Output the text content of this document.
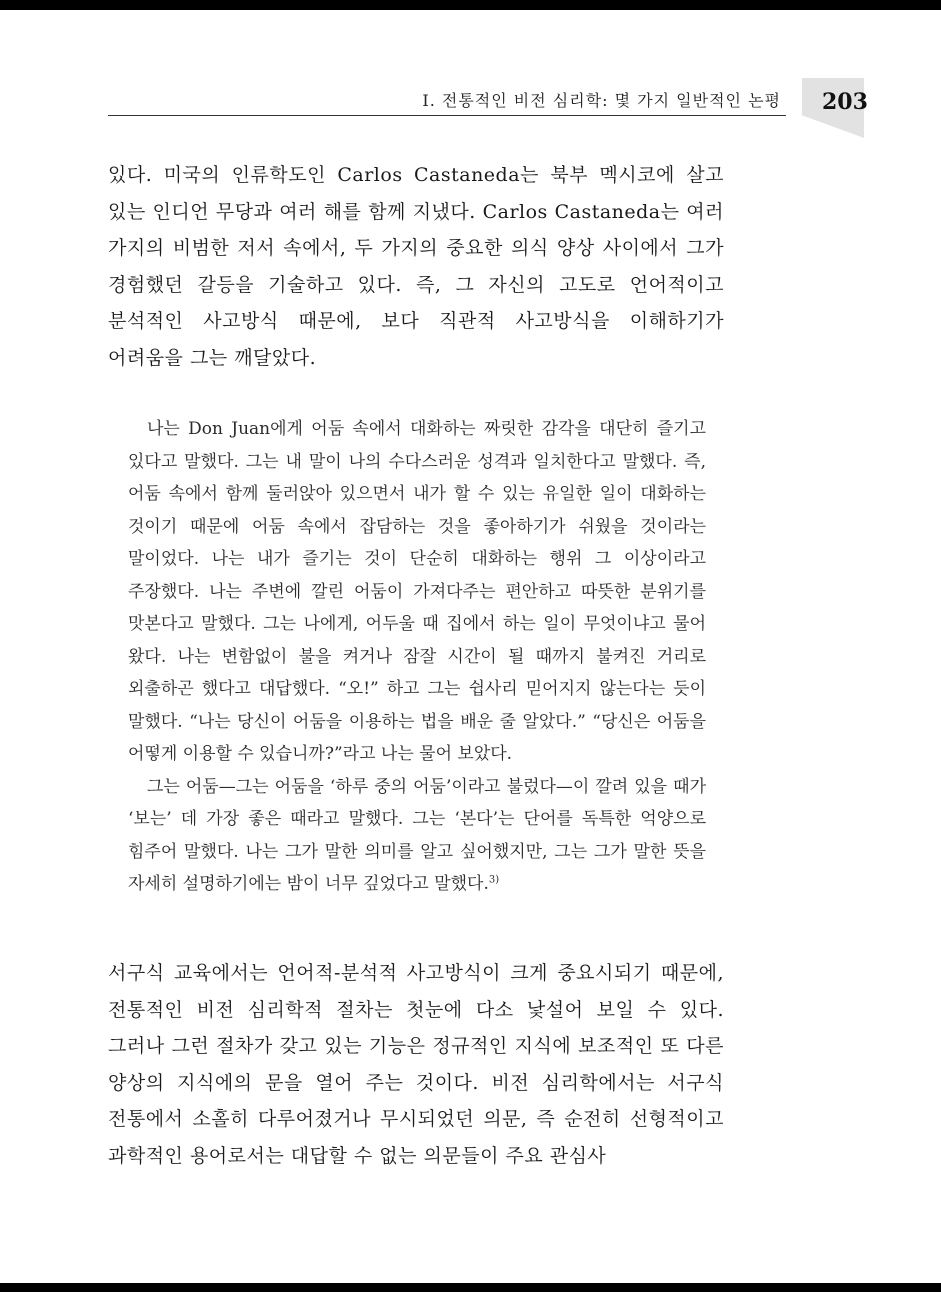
I. 전통적인 비전 심리학: 몇 가지 일반적인 논평 203
있다. 미국의 인류학도인 Carlos Castaneda는 북부 멕시코에 살고 있는 인디언 무당과 여러 해를 함께 지냈다. Carlos Castaneda는 여러 가지의 비범한 저서 속에서, 두 가지의 중요한 의식 양상 사이에서 그가 경험했던 갈등을 기술하고 있다. 즉, 그 자신의 고도로 언어적이고 분석적인 사고방식 때문에, 보다 직관적 사고방식을 이해하기가 어려움을 그는 깨달았다.

나는 Don Juan에게 어둠 속에서 대화하는 짜릿한 감각을 대단히 즐기고 있다고 말했다. 그는 내 말이 나의 수다스러운 성격과 일치한다고 말했다. 즉, 어둠 속에서 함께 둘러앉아 있으면서 내가 할 수 있는 유일한 일이 대화하는 것이기 때문에 어둠 속에서 잡담하는 것을 좋아하기가 쉬웠을 것이라는 말이었다. 나는 내가 즐기는 것이 단순히 대화하는 행위 그 이상이라고 주장했다. 나는 주변에 깔린 어둠이 가져다주는 편안하고 따뜻한 분위기를 맛본다고 말했다. 그는 나에게, 어두울 때 집에서 하는 일이 무엇이냐고 물어 왔다. 나는 변함없이 불을 켜거나 잠잘 시간이 될 때까지 불켜진 거리로 외출하곤 했다고 대답했다. “오!” 하고 그는 쉽사리 믿어지지 않는다는 듯이 말했다. “나는 당신이 어둠을 이용하는 법을 배운 줄 알았다.” “당신은 어둠을 어떻게 이용할 수 있습니까?”라고 나는 물어 보았다.

그는 어둠—그는 어둠을 ‘하루 중의 어둠’이라고 불렀다—이 깔려 있을 때가 ‘보는’ 데 가장 좋은 때라고 말했다. 그는 ‘본다’는 단어를 독특한 억양으로 힘주어 말했다. 나는 그가 말한 의미를 알고 싶어했지만, 그는 그가 말한 뜻을 자세히 설명하기에는 밤이 너무 깊었다고 말했다.$^{3)}$

서구식 교육에서는 언어적-분석적 사고방식이 크게 중요시되기 때문에, 전통적인 비전 심리학적 절차는 첫눈에 다소 낯설어 보일 수 있다. 그러나 그런 절차가 갖고 있는 기능은 정규적인 지식에 보조적인 또 다른 양상의 지식에의 문을 열어 주는 것이다. 비전 심리학에서는 서구식 전통에서 소홀히 다루어졌거나 무시되었던 의문, 즉 순전히 선형적이고 과학적인 용어로서는 대답할 수 없는 의문들이 주요 관심사
